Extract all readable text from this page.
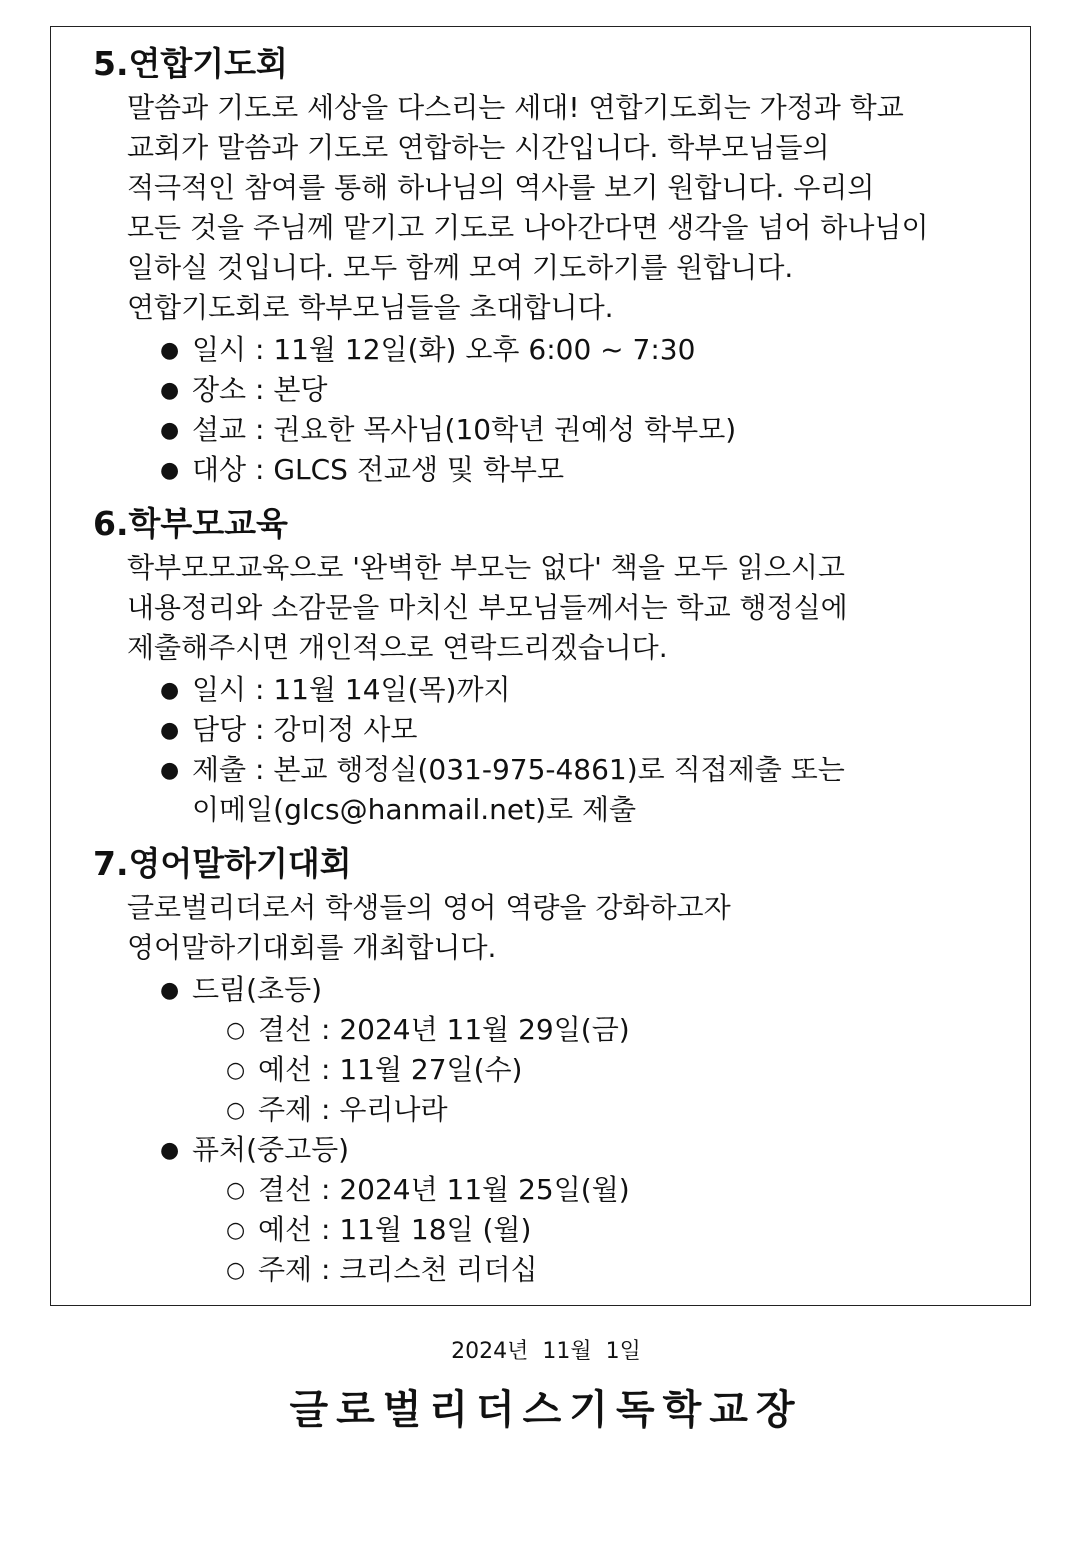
5.연합기도회
말씀과 기도로 세상을 다스리는 세대! 연합기도회는 가정과 학교
교회가 말씀과 기도로 연합하는 시간입니다. 학부모님들의
적극적인 참여를 통해 하나님의 역사를 보기 원합니다. 우리의
모든 것을 주님께 맡기고 기도로 나아간다면 생각을 넘어 하나님이
일하실 것입니다. 모두 함께 모여 기도하기를 원합니다.
연합기도회로 학부모님들을 초대합니다.
● 일시 : 11월 12일(화) 오후 6:00 ~ 7:30
● 장소 : 본당
● 설교 : 권요한 목사님(10학년 권예성 학부모)
● 대상 : GLCS 전교생 및 학부모
6.학부모교육
학부모모교육으로 '완벽한 부모는 없다' 책을 모두 읽으시고
내용정리와 소감문을 마치신 부모님들께서는 학교 행정실에
제출해주시면 개인적으로 연락드리겠습니다.
● 일시 : 11월 14일(목)까지
● 담당 : 강미정 사모
● 제출 : 본교 행정실(031-975-4861)로 직접제출 또는
이메일(glcs@hanmail.net)로 제출
7.영어말하기대회
글로벌리더로서 학생들의 영어 역량을 강화하고자
영어말하기대회를 개최합니다.
● 드림(초등)
○ 결선 : 2024년 11월 29일(금)
○ 예선 : 11월 27일(수)
○ 주제 : 우리나라
● 퓨처(중고등)
○ 결선 : 2024년 11월 25일(월)
○ 예선 : 11월 18일 (월)
○ 주제 : 크리스천 리더십
2024년  11월  1일
글로벌리더스기독학교장
